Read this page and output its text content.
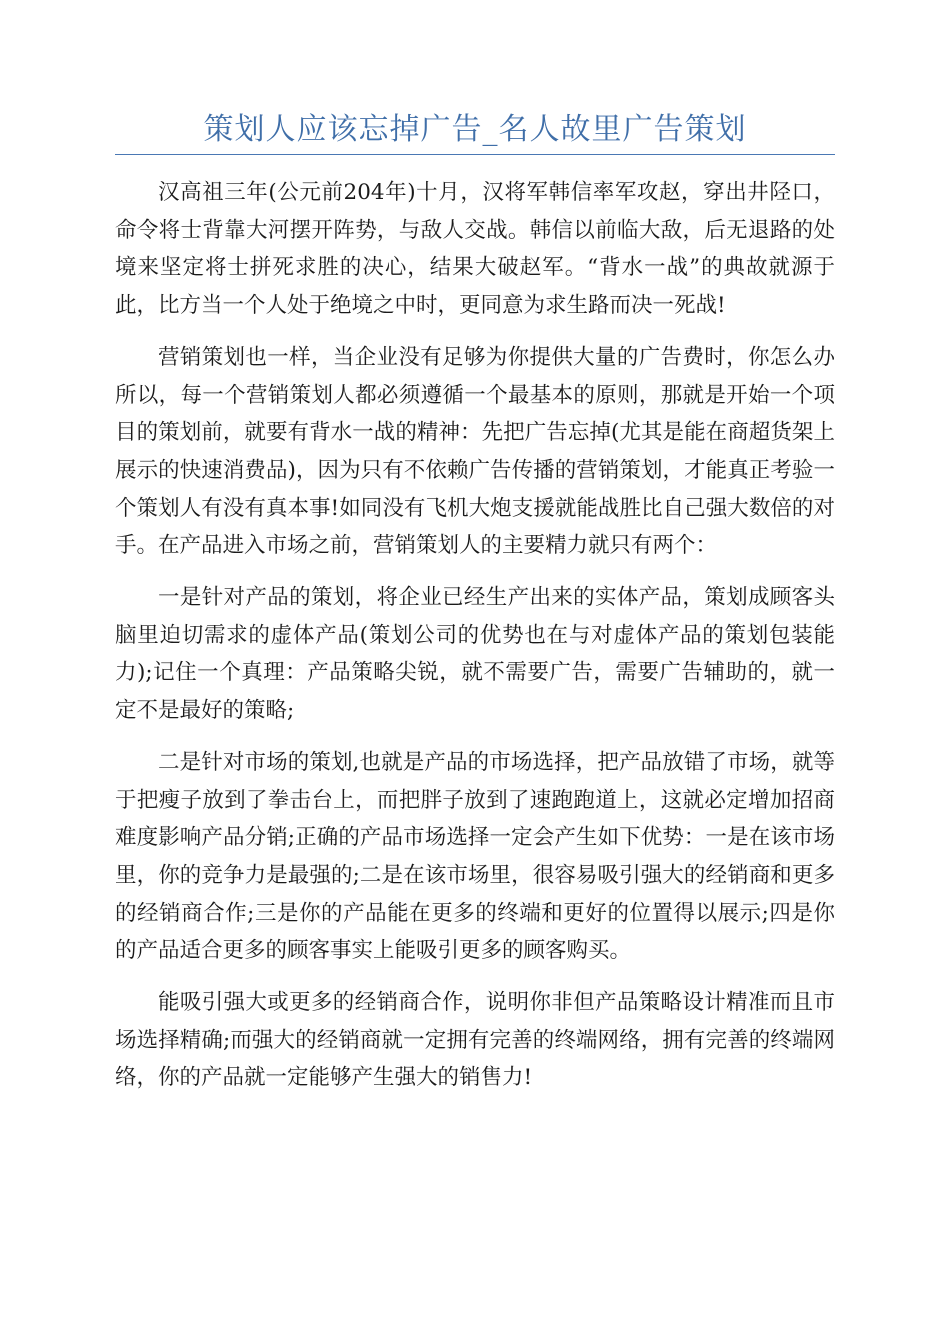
策划人应该忘掉广告_名人故里广告策划

汉高祖三年(公元前204年)十月，汉将军韩信率军攻赵，穿出井陉口，命令将士背靠大河摆开阵势，与敌人交战。韩信以前临大敌，后无退路的处境来坚定将士拼死求胜的决心，结果大破赵军。“背水一战”的典故就源于此，比方当一个人处于绝境之中时，更同意为求生路而决一死战!

营销策划也一样，当企业没有足够为你提供大量的广告费时，你怎么办所以，每一个营销策划人都必须遵循一个最基本的原则，那就是开始一个项目的策划前，就要有背水一战的精神：先把广告忘掉(尤其是能在商超货架上展示的快速消费品)，因为只有不依赖广告传播的营销策划，才能真正考验一个策划人有没有真本事!如同没有飞机大炮支援就能战胜比自己强大数倍的对手。在产品进入市场之前，营销策划人的主要精力就只有两个：

一是针对产品的策划，将企业已经生产出来的实体产品，策划成顾客头脑里迫切需求的虚体产品(策划公司的优势也在与对虚体产品的策划包装能力);记住一个真理：产品策略尖锐，就不需要广告，需要广告辅助的，就一定不是最好的策略;

二是针对市场的策划,也就是产品的市场选择，把产品放错了市场，就等于把瘦子放到了拳击台上，而把胖子放到了速跑跑道上，这就必定增加招商难度影响产品分销;正确的产品市场选择一定会产生如下优势：一是在该市场里，你的竞争力是最强的;二是在该市场里，很容易吸引强大的经销商和更多的经销商合作;三是你的产品能在更多的终端和更好的位置得以展示;四是你的产品适合更多的顾客事实上能吸引更多的顾客购买。

能吸引强大或更多的经销商合作，说明你非但产品策略设计精准而且市场选择精确;而强大的经销商就一定拥有完善的终端网络，拥有完善的终端网络，你的产品就一定能够产生强大的销售力!
